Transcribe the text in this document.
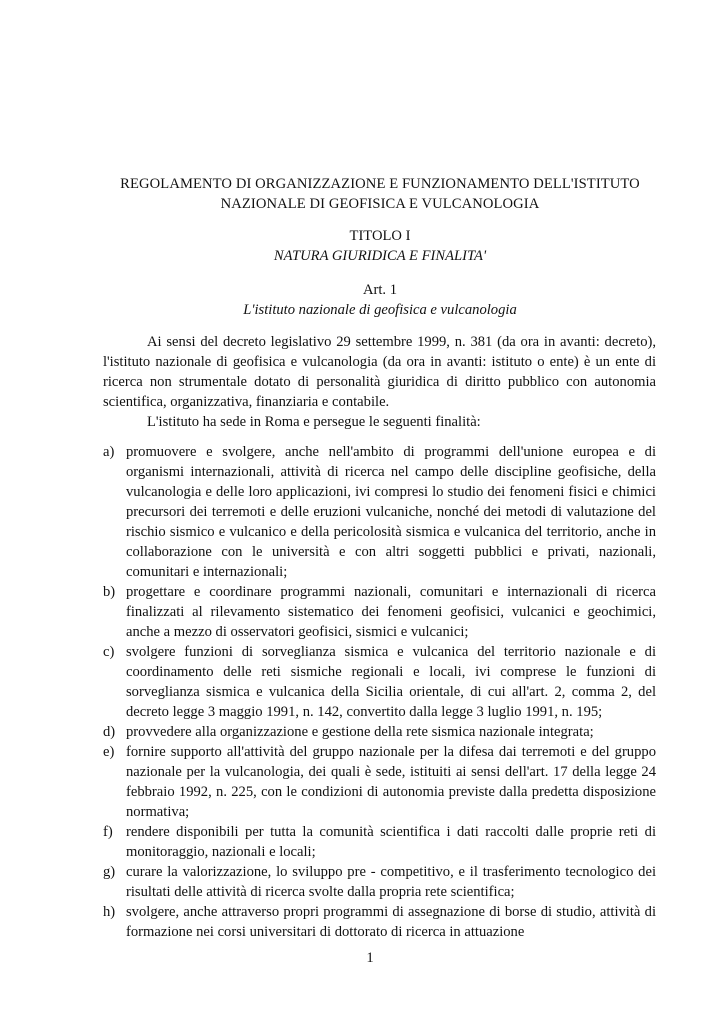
REGOLAMENTO DI ORGANIZZAZIONE E FUNZIONAMENTO DELL'ISTITUTO
NAZIONALE DI GEOFISICA E VULCANOLOGIA
TITOLO I
NATURA GIURIDICA E FINALITA'
Art. 1
L'istituto nazionale di geofisica e vulcanologia

Ai sensi del decreto legislativo 29 settembre 1999, n. 381 (da ora in avanti: decreto), l'istituto nazionale di geofisica e vulcanologia (da ora in avanti: istituto o ente) è un ente di ricerca non strumentale dotato di personalità giuridica di diritto pubblico con autonomia scientifica, organizzativa, finanziaria e contabile.

L'istituto ha sede in Roma e persegue le seguenti finalità:

a) promuovere e svolgere, anche nell'ambito di programmi dell'unione europea e di organismi internazionali, attività di ricerca nel campo delle discipline geofisiche, della vulcanologia e delle loro applicazioni, ivi compresi lo studio dei fenomeni fisici e chimici precursori dei terremoti e delle eruzioni vulcaniche, nonché dei metodi di valutazione del rischio sismico e vulcanico e della pericolosità sismica e vulcanica del territorio, anche in collaborazione con le università e con altri soggetti pubblici e privati, nazionali, comunitari e internazionali;
b) progettare e coordinare programmi nazionali, comunitari e internazionali di ricerca finalizzati al rilevamento sistematico dei fenomeni geofisici, vulcanici e geochimici, anche a mezzo di osservatori geofisici, sismici e vulcanici;
c) svolgere funzioni di sorveglianza sismica e vulcanica del territorio nazionale e di coordinamento delle reti sismiche regionali e locali, ivi comprese le funzioni di sorveglianza sismica e vulcanica della Sicilia orientale, di cui all'art. 2, comma 2, del decreto legge 3 maggio 1991, n. 142, convertito dalla legge 3 luglio 1991, n. 195;
d) provvedere alla organizzazione e gestione della rete sismica nazionale integrata;
e) fornire supporto all'attività del gruppo nazionale per la difesa dai terremoti e del gruppo nazionale per la vulcanologia, dei quali è sede, istituiti ai sensi dell'art. 17 della legge 24 febbraio 1992, n. 225, con le condizioni di autonomia previste dalla predetta disposizione normativa;
f) rendere disponibili per tutta la comunità scientifica i dati raccolti dalle proprie reti di monitoraggio, nazionali e locali;
g) curare la valorizzazione, lo sviluppo pre - competitivo, e il trasferimento tecnologico dei risultati delle attività di ricerca svolte dalla propria rete scientifica;
h) svolgere, anche attraverso propri programmi di assegnazione di borse di studio, attività di formazione nei corsi universitari di dottorato di ricerca in attuazione
1
